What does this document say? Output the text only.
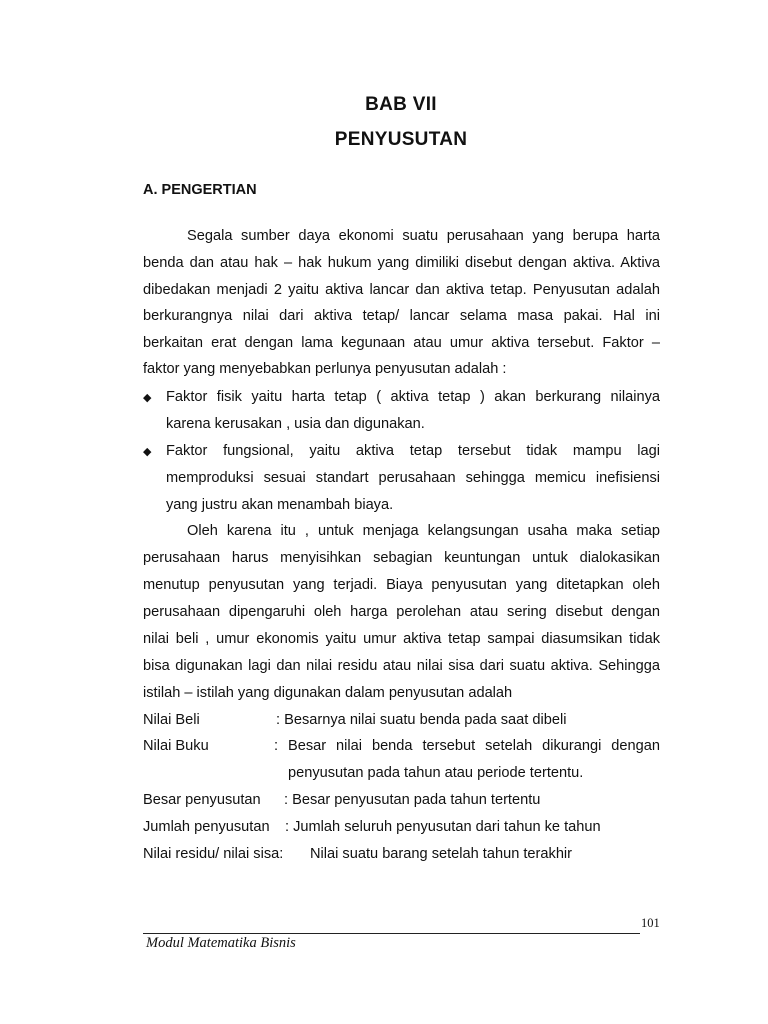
BAB VII
PENYUSUTAN
A. PENGERTIAN
Segala sumber daya ekonomi suatu perusahaan yang berupa harta
benda dan atau hak – hak hukum yang dimiliki disebut dengan aktiva. Aktiva
dibedakan menjadi 2 yaitu aktiva lancar dan aktiva tetap. Penyusutan adalah
berkurangnya nilai dari aktiva tetap/ lancar selama masa pakai. Hal ini
berkaitan erat dengan lama kegunaan atau umur aktiva tersebut. Faktor –
faktor yang menyebabkan perlunya penyusutan adalah :
◆ Faktor fisik yaitu harta tetap ( aktiva tetap ) akan berkurang nilainya
karena kerusakan , usia dan digunakan.
◆ Faktor fungsional, yaitu aktiva tetap tersebut tidak mampu lagi
memproduksi sesuai standart perusahaan sehingga memicu inefisiensi
yang justru akan menambah biaya.
Oleh karena itu , untuk menjaga kelangsungan usaha maka setiap
perusahaan harus menyisihkan sebagian keuntungan untuk dialokasikan
menutup penyusutan yang terjadi. Biaya penyusutan yang ditetapkan oleh
perusahaan dipengaruhi oleh harga perolehan atau sering disebut dengan
nilai beli , umur ekonomis yaitu umur aktiva tetap sampai diasumsikan tidak
bisa digunakan lagi dan nilai residu atau nilai sisa dari suatu aktiva. Sehingga
istilah – istilah yang digunakan dalam penyusutan adalah
Nilai Beli	: Besarnya nilai suatu benda pada saat dibeli
Nilai Buku	: Besar nilai benda tersebut setelah dikurangi dengan
penyusutan pada tahun atau periode tertentu.
Besar penyusutan : Besar penyusutan pada tahun tertentu
Jumlah penyusutan : Jumlah seluruh penyusutan dari tahun ke tahun
Nilai residu/ nilai sisa: Nilai suatu barang setelah tahun terakhir
101
Modul Matematika Bisnis
